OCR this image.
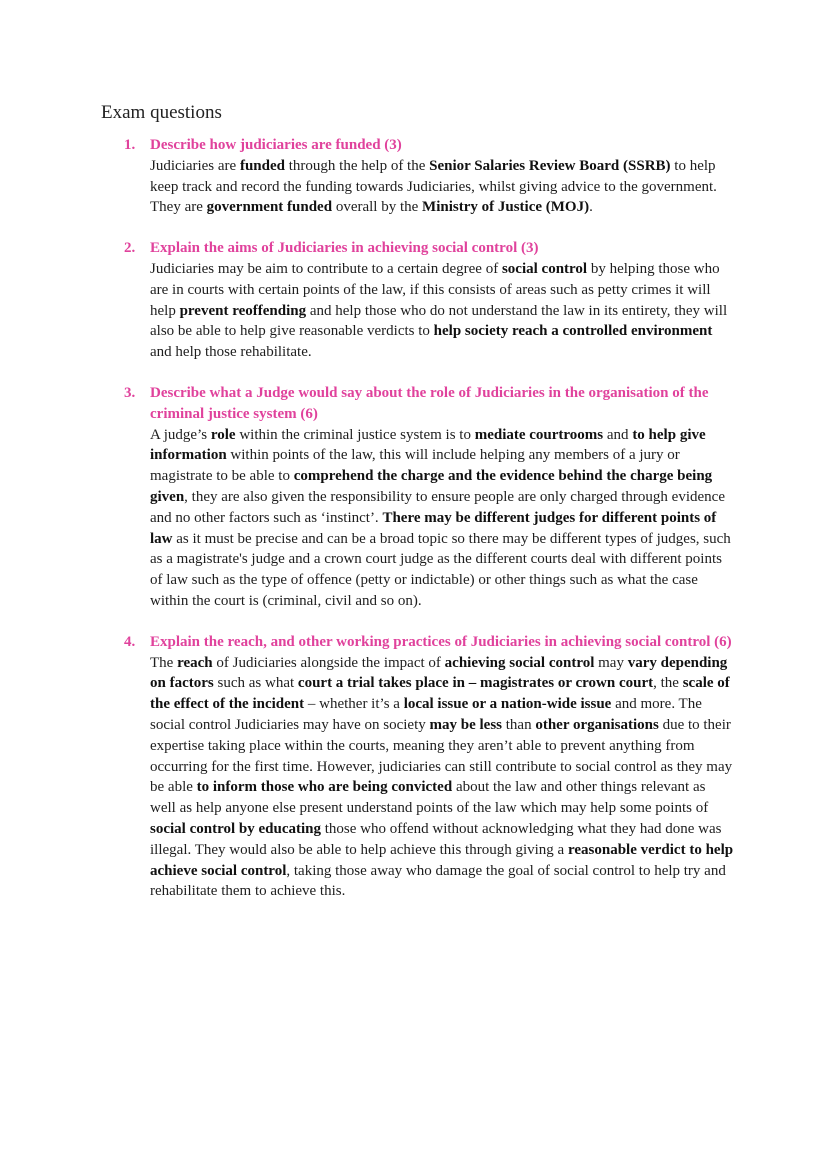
Exam questions
1. Describe how judiciaries are funded (3)

Judiciaries are funded through the help of the Senior Salaries Review Board (SSRB) to help keep track and record the funding towards Judiciaries, whilst giving advice to the government. They are government funded overall by the Ministry of Justice (MOJ).

2. Explain the aims of Judiciaries in achieving social control (3)

Judiciaries may be aim to contribute to a certain degree of social control by helping those who are in courts with certain points of the law, if this consists of areas such as petty crimes it will help prevent reoffending and help those who do not understand the law in its entirety, they will also be able to help give reasonable verdicts to help society reach a controlled environment and help those rehabilitate.

3. Describe what a Judge would say about the role of Judiciaries in the organisation of the criminal justice system (6)

A judge’s role within the criminal justice system is to mediate courtrooms and to help give information within points of the law, this will include helping any members of a jury or magistrate to be able to comprehend the charge and the evidence behind the charge being given, they are also given the responsibility to ensure people are only charged through evidence and no other factors such as ‘instinct’. There may be different judges for different points of law as it must be precise and can be a broad topic so there may be different types of judges, such as a magistrate's judge and a crown court judge as the different courts deal with different points of law such as the type of offence (petty or indictable) or other things such as what the case within the court is (criminal, civil and so on).

4. Explain the reach, and other working practices of Judiciaries in achieving social control (6)

The reach of Judiciaries alongside the impact of achieving social control may vary depending on factors such as what court a trial takes place in – magistrates or crown court, the scale of the effect of the incident – whether it’s a local issue or a nation-wide issue and more. The social control Judiciaries may have on society may be less than other organisations due to their expertise taking place within the courts, meaning they aren’t able to prevent anything from occurring for the first time. However, judiciaries can still contribute to social control as they may be able to inform those who are being convicted about the law and other things relevant as well as help anyone else present understand points of the law which may help some points of social control by educating those who offend without acknowledging what they had done was illegal. They would also be able to help achieve this through giving a reasonable verdict to help achieve social control, taking those away who damage the goal of social control to help try and rehabilitate them to achieve this.
